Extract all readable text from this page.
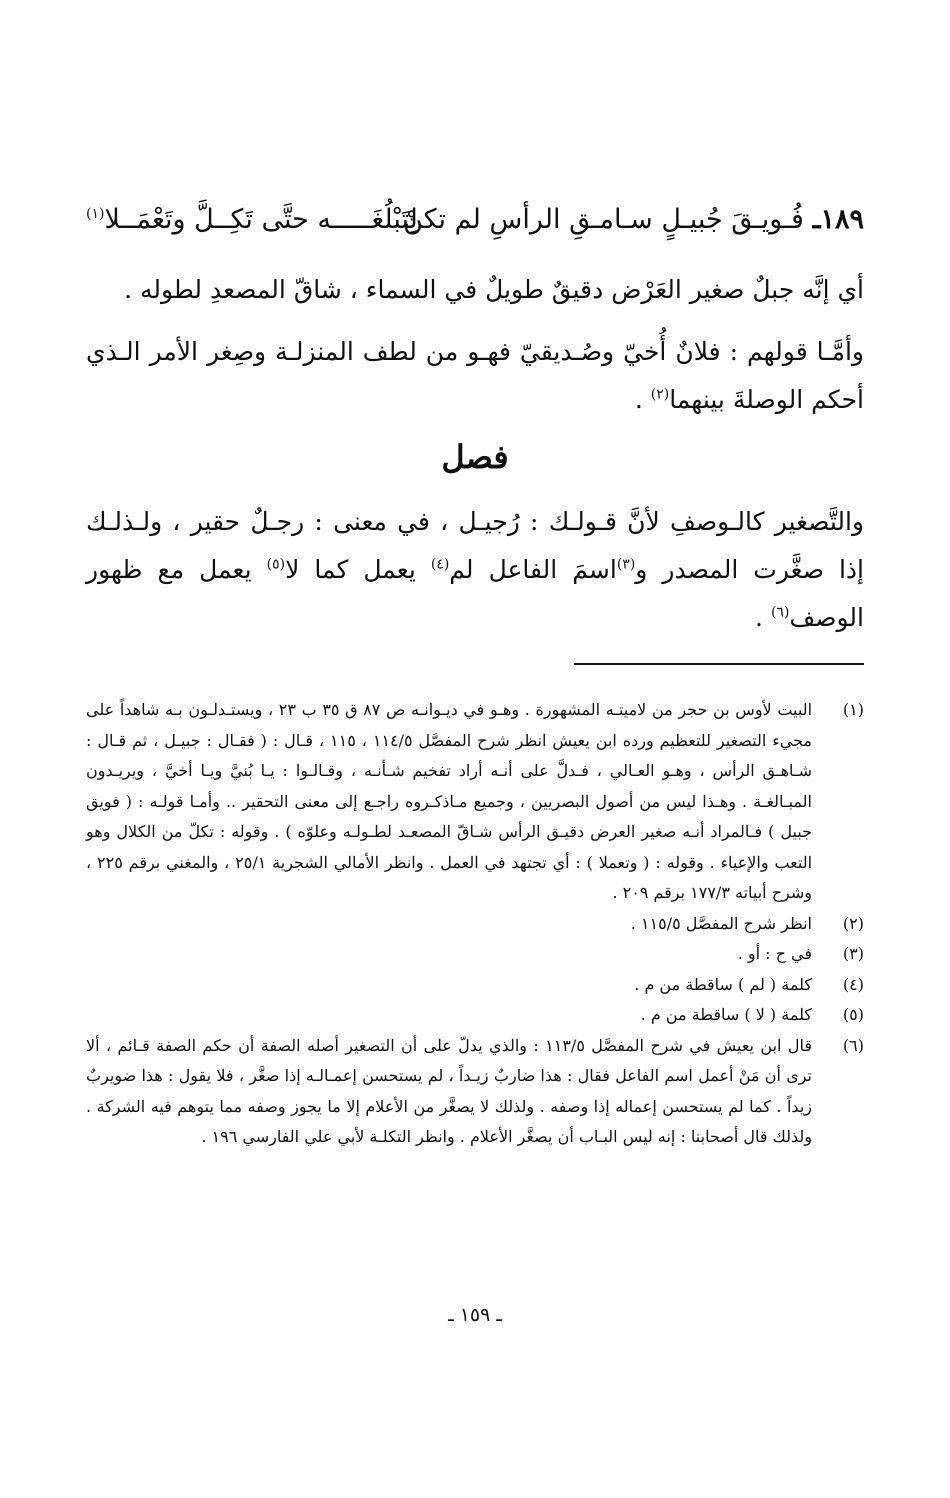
١٨٩ـ فُـويـقَ جُبيـلٍ سـامـقِ الرأسِ لم تكنْ
لِتَبْلُغَـــــه حتَّى تَكِــلَّ وتَعْمَــلا$^{(١)}$
أي إنَّه جبلٌ صغير العَرْض دقيقٌ طويلٌ في السماء ، شاقّ المصعدِ لطوله .
وأمَّـا قولهم : فلانٌ أُخيّ وصُـديقيّ فهـو من لطف المنزلـة وصِغر الأمر الـذي أحكم الوصلةَ بينهما$^{(٢)}$ .
فصل
والتَّصغير كالـوصفِ لأنَّ قـولـك : رُجيـل ، في معنى : رجـلٌ حقير ، ولـذلـك إذا صغَّرت المصدر و$^{(٣)}$اسمَ الفاعل لم$^{(٤)}$ يعمل كما لا$^{(٥)}$ يعمل مع ظهور الوصف$^{(٦)}$ .
(١)
البيت لأوس بن حجر من لاميتـه المشهورة . وهـو في ديـوانـه ص ٨٧ ق ٣٥ ب ٢٣ ، ويستـدلـون بـه شاهداً على مجيء التصغير للتعظيم ورده ابن يعيش انظر شرح المفصَّل ١١٤/٥ ، ١١٥ ، قـال : ( فقـال : جبيـل ، ثم قـال : شـاهـق الرأس ، وهـو العـالي ، فـدلَّ على أنـه أراد تفخيم شـأنـه ، وقـالـوا : يـا بُنيَّ ويـا أخيَّ ، ويريـدون المبـالغـة . وهـذا ليس من أصول البصريين ، وجميع مـاذكـروه راجـع إلى معنى التحقير .. وأمـا قولـه : ( فويق جبيل ) فـالمراد أنـه صغير العرض دقيـق الرأس شـاقّ المصعـد لطـولـه وعلوّه ) . وقوله : تكلّ من الكلال وهو التعب والإعياء . وقوله : ( وتعملا ) : أي تجتهد في العمل . وانظر الأمالي الشجرية ٢٥/١ ، والمغني برقم ٢٢٥ ، وشرح أبياته ١٧٧/٣ برقم ٢٠٩ .
(٢)
انظر شرح المفصَّل ١١٥/٥ .
(٣)
في ح : أو .
(٤)
كلمة ( لم ) ساقطة من م .
(٥)
كلمة ( لا ) ساقطة من م .
(٦)
قال ابن يعيش في شرح المفصَّل ١١٣/٥ : والذي يدلّ على أن التصغير أصله الصفة أن حكم الصفة قـائم ، ألا ترى أن مَنْ أعمل اسم الفاعل فقال : هذا ضاربٌ زيـداً ، لم يستحسن إعمـالـه إذا صغَّر ، فلا يقول : هذا ضويربٌ زيداً . كما لم يستحسن إعماله إذا وصفه . ولذلك لا يصغَّر من الأعلام إلا ما يجوز وصفه مما يتوهم فيه الشركة . ولذلك قال أصحابنا : إنه ليس البـاب أن يصغَّر الأعلام . وانظر التكلـة لأبي علي الفارسي ١٩٦ .
ـ ١٥٩ ـ
